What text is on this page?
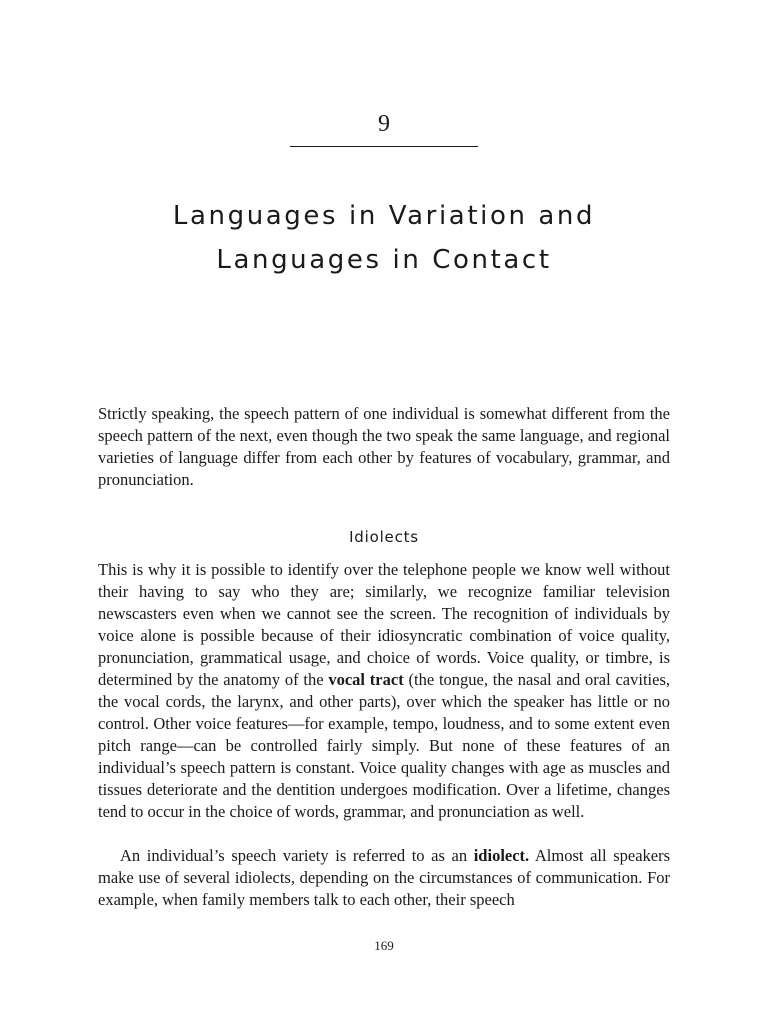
9
Languages in Variation and
Languages in Contact

Strictly speaking, the speech pattern of one individual is somewhat different from the speech pattern of the next, even though the two speak the same language, and regional varieties of language differ from each other by features of vocabulary, grammar, and pronunciation.

Idiolects

This is why it is possible to identify over the telephone people we know well without their having to say who they are; similarly, we recognize familiar television newscasters even when we cannot see the screen. The recognition of individuals by voice alone is possible because of their idiosyncratic combination of voice quality, pronunciation, grammatical usage, and choice of words. Voice quality, or timbre, is determined by the anatomy of the vocal tract (the tongue, the nasal and oral cavities, the vocal cords, the larynx, and other parts), over which the speaker has little or no control. Other voice features—for example, tempo, loudness, and to some extent even pitch range—can be controlled fairly simply. But none of these features of an individual’s speech pattern is constant. Voice quality changes with age as muscles and tissues deteriorate and the dentition undergoes modification. Over a lifetime, changes tend to occur in the choice of words, grammar, and pronunciation as well.

An individual’s speech variety is referred to as an idiolect. Almost all speakers make use of several idiolects, depending on the circumstances of communication. For example, when family members talk to each other, their speech

169
